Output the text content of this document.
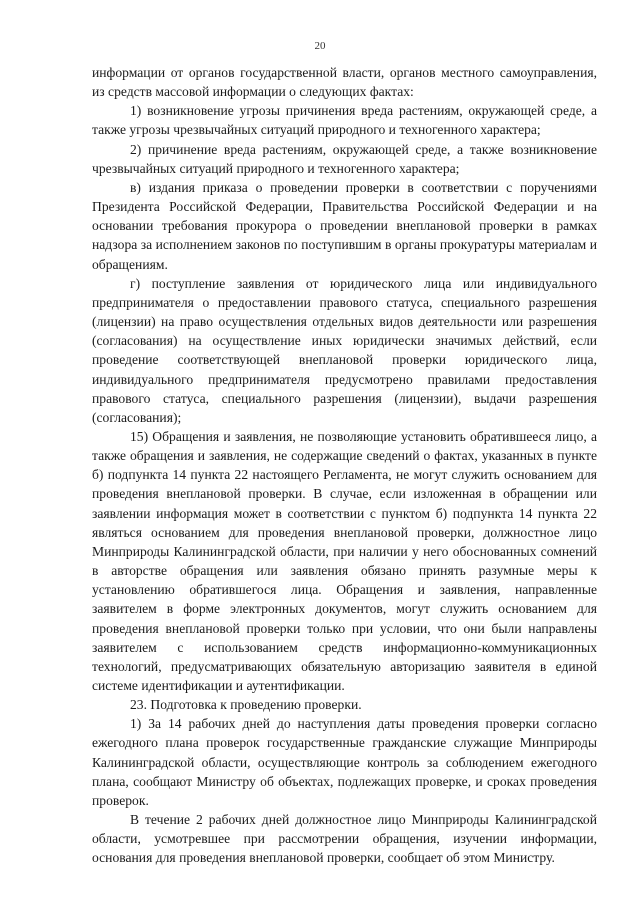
20

информации от органов государственной власти, органов местного самоуправления, из средств массовой информации о следующих фактах:

1) возникновение угрозы причинения вреда растениям, окружающей среде, а также угрозы чрезвычайных ситуаций природного и техногенного характера;

2) причинение вреда растениям, окружающей среде, а также возникновение чрезвычайных ситуаций природного и техногенного характера;

в) издания приказа о проведении проверки в соответствии с поручениями Президента Российской Федерации, Правительства Российской Федерации и на основании требования прокурора о проведении внеплановой проверки в рамках надзора за исполнением законов по поступившим в органы прокуратуры материалам и обращениям.

г) поступление заявления от юридического лица или индивидуального предпринимателя о предоставлении правового статуса, специального разрешения (лицензии) на право осуществления отдельных видов деятельности или разрешения (согласования) на осуществление иных юридически значимых действий, если проведение соответствующей внеплановой проверки юридического лица, индивидуального предпринимателя предусмотрено правилами предоставления правового статуса, специального разрешения (лицензии), выдачи разрешения (согласования);

15) Обращения и заявления, не позволяющие установить обратившееся лицо, а также обращения и заявления, не содержащие сведений о фактах, указанных в пункте б) подпункта 14 пункта 22 настоящего Регламента, не могут служить основанием для проведения внеплановой проверки. В случае, если изложенная в обращении или заявлении информация может в соответствии с пунктом б) подпункта 14 пункта 22 являться основанием для проведения внеплановой проверки, должностное лицо Минприроды Калининградской области, при наличии у него обоснованных сомнений в авторстве обращения или заявления обязано принять разумные меры к установлению обратившегося лица. Обращения и заявления, направленные заявителем в форме электронных документов, могут служить основанием для проведения внеплановой проверки только при условии, что они были направлены заявителем с использованием средств информационно-коммуникационных технологий, предусматривающих обязательную авторизацию заявителя в единой системе идентификации и аутентификации.

23. Подготовка к проведению проверки.

1) За 14 рабочих дней до наступления даты проведения проверки согласно ежегодного плана проверок государственные гражданские служащие Минприроды Калининградской области, осуществляющие контроль за соблюдением ежегодного плана, сообщают Министру об объектах, подлежащих проверке, и сроках проведения проверок.

В течение 2 рабочих дней должностное лицо Минприроды Калининградской области, усмотревшее при рассмотрении обращения, изучении информации, основания для проведения внеплановой проверки, сообщает об этом Министру.
